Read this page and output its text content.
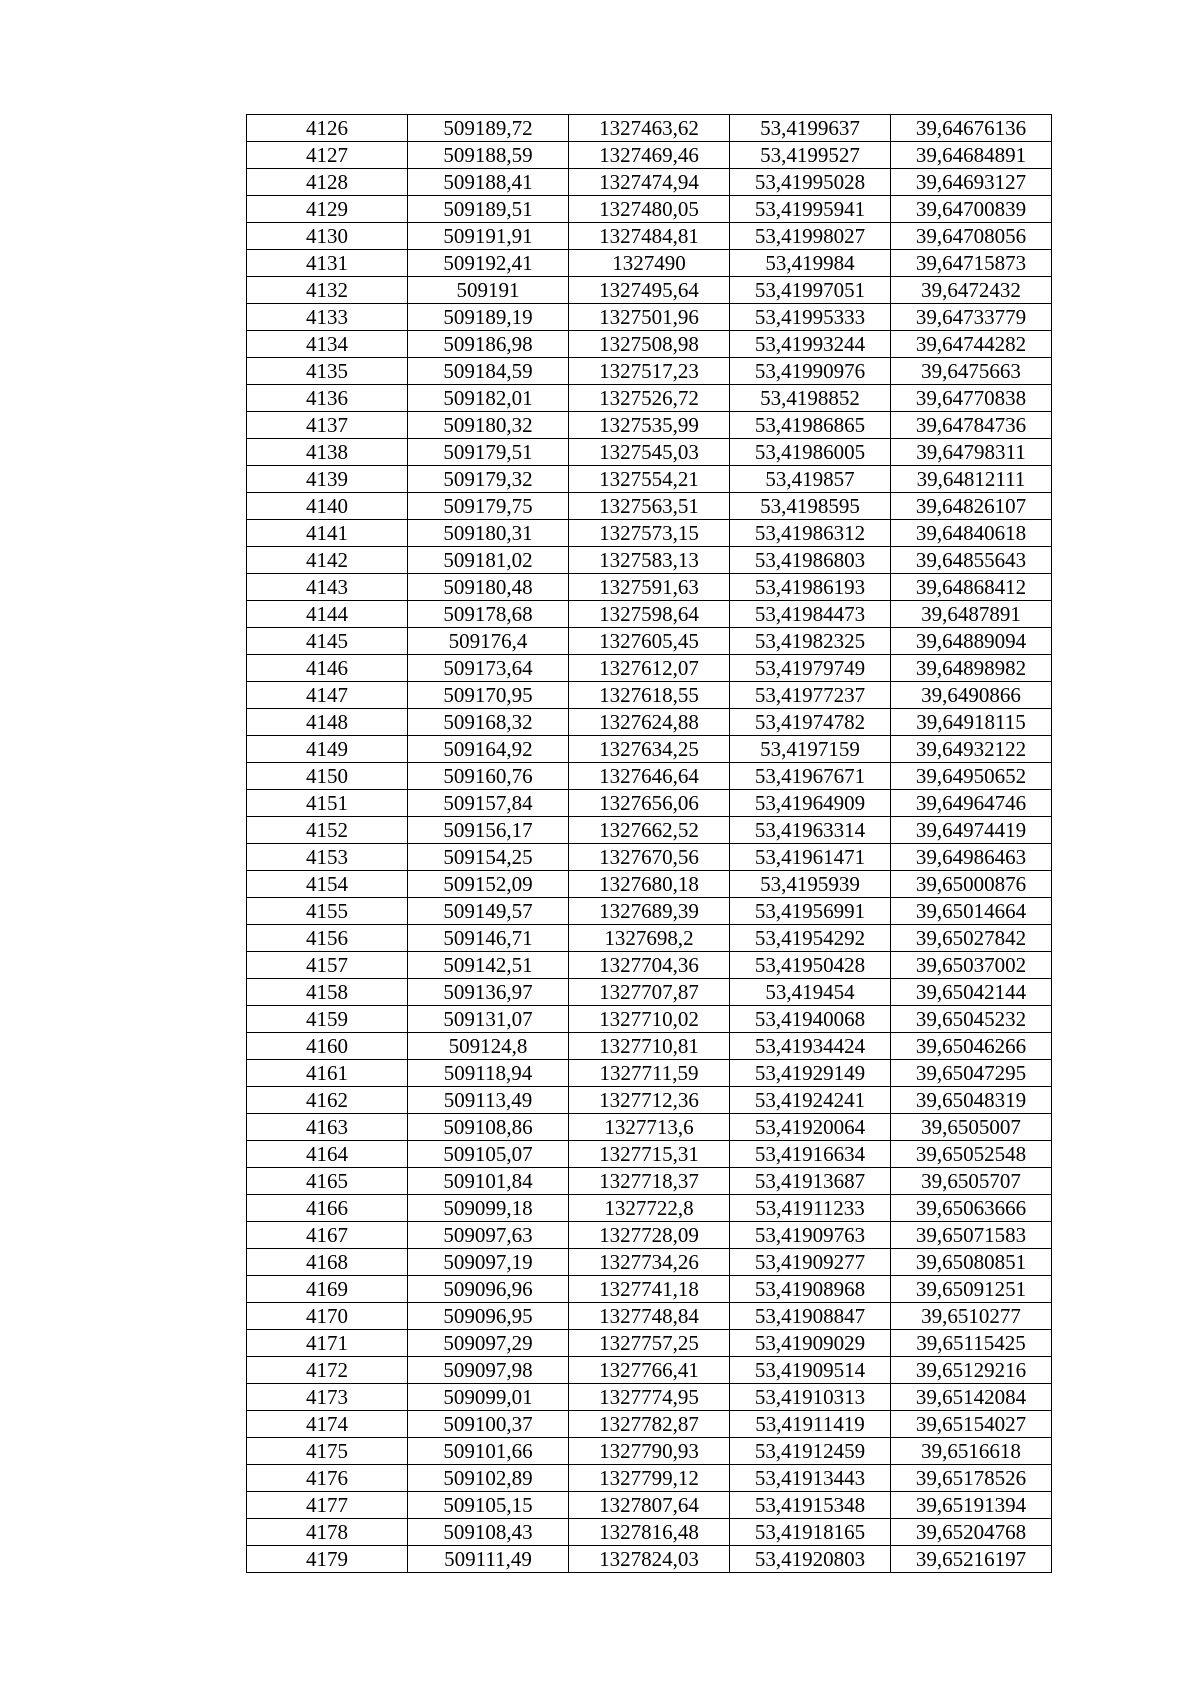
4126	509189,72	1327463,62	53,4199637	39,64676136
4127	509188,59	1327469,46	53,4199527	39,64684891
4128	509188,41	1327474,94	53,41995028	39,64693127
4129	509189,51	1327480,05	53,41995941	39,64700839
4130	509191,91	1327484,81	53,41998027	39,64708056
4131	509192,41	1327490	53,419984	39,64715873
4132	509191	1327495,64	53,41997051	39,6472432
4133	509189,19	1327501,96	53,41995333	39,64733779
4134	509186,98	1327508,98	53,41993244	39,64744282
4135	509184,59	1327517,23	53,41990976	39,6475663
4136	509182,01	1327526,72	53,4198852	39,64770838
4137	509180,32	1327535,99	53,41986865	39,64784736
4138	509179,51	1327545,03	53,41986005	39,64798311
4139	509179,32	1327554,21	53,419857	39,64812111
4140	509179,75	1327563,51	53,4198595	39,64826107
4141	509180,31	1327573,15	53,41986312	39,64840618
4142	509181,02	1327583,13	53,41986803	39,64855643
4143	509180,48	1327591,63	53,41986193	39,64868412
4144	509178,68	1327598,64	53,41984473	39,6487891
4145	509176,4	1327605,45	53,41982325	39,64889094
4146	509173,64	1327612,07	53,41979749	39,64898982
4147	509170,95	1327618,55	53,41977237	39,6490866
4148	509168,32	1327624,88	53,41974782	39,64918115
4149	509164,92	1327634,25	53,4197159	39,64932122
4150	509160,76	1327646,64	53,41967671	39,64950652
4151	509157,84	1327656,06	53,41964909	39,64964746
4152	509156,17	1327662,52	53,41963314	39,64974419
4153	509154,25	1327670,56	53,41961471	39,64986463
4154	509152,09	1327680,18	53,4195939	39,65000876
4155	509149,57	1327689,39	53,41956991	39,65014664
4156	509146,71	1327698,2	53,41954292	39,65027842
4157	509142,51	1327704,36	53,41950428	39,65037002
4158	509136,97	1327707,87	53,419454	39,65042144
4159	509131,07	1327710,02	53,41940068	39,65045232
4160	509124,8	1327710,81	53,41934424	39,65046266
4161	509118,94	1327711,59	53,41929149	39,65047295
4162	509113,49	1327712,36	53,41924241	39,65048319
4163	509108,86	1327713,6	53,41920064	39,6505007
4164	509105,07	1327715,31	53,41916634	39,65052548
4165	509101,84	1327718,37	53,41913687	39,6505707
4166	509099,18	1327722,8	53,41911233	39,65063666
4167	509097,63	1327728,09	53,41909763	39,65071583
4168	509097,19	1327734,26	53,41909277	39,65080851
4169	509096,96	1327741,18	53,41908968	39,65091251
4170	509096,95	1327748,84	53,41908847	39,6510277
4171	509097,29	1327757,25	53,41909029	39,65115425
4172	509097,98	1327766,41	53,41909514	39,65129216
4173	509099,01	1327774,95	53,41910313	39,65142084
4174	509100,37	1327782,87	53,41911419	39,65154027
4175	509101,66	1327790,93	53,41912459	39,6516618
4176	509102,89	1327799,12	53,41913443	39,65178526
4177	509105,15	1327807,64	53,41915348	39,65191394
4178	509108,43	1327816,48	53,41918165	39,65204768
4179	509111,49	1327824,03	53,41920803	39,65216197
